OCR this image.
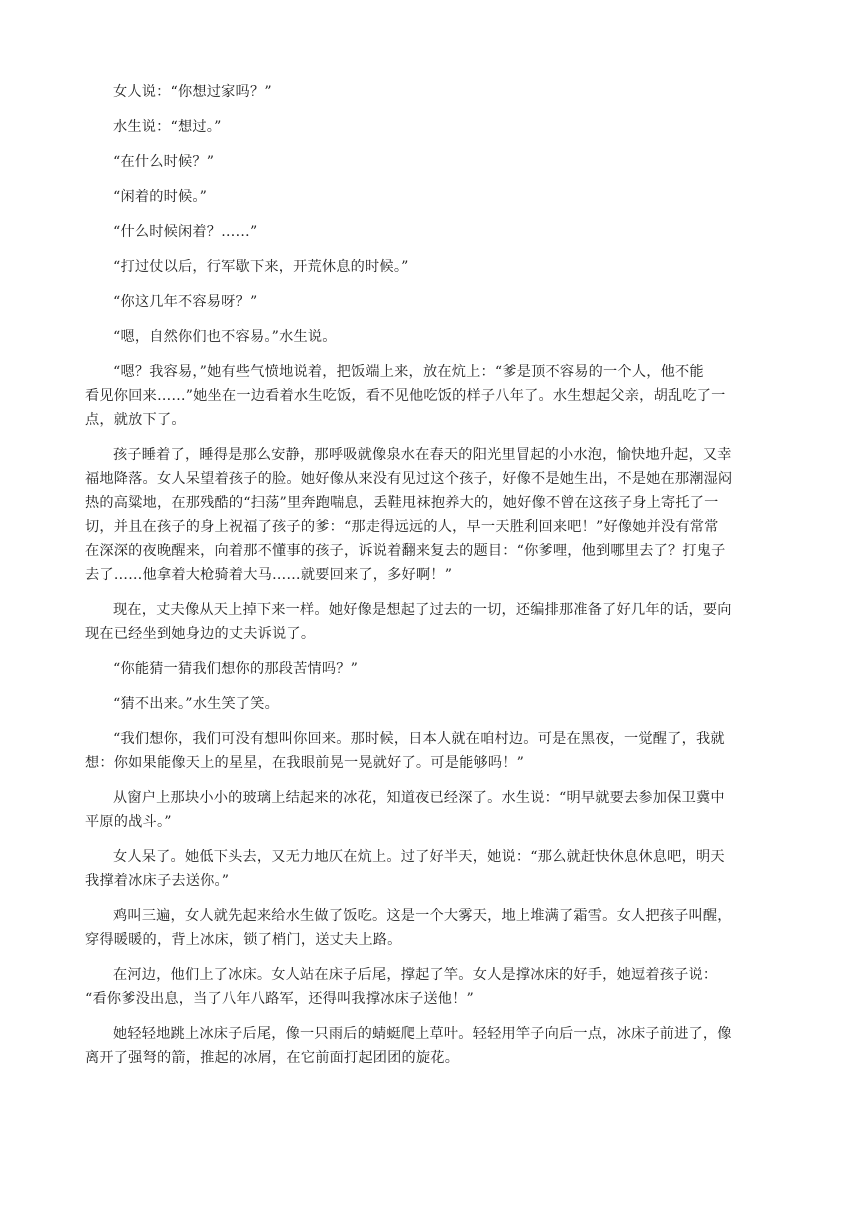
女人说：“你想过家吗？”
水生说：“想过。”
“在什么时候？”
“闲着的时候。”
“什么时候闲着？……”
“打过仗以后，行军歇下来，开荒休息的时候。”
“你这几年不容易呀？”
“嗯，自然你们也不容易。”水生说。
“嗯？我容易，”她有些气愤地说着，把饭端上来，放在炕上：“爹是顶不容易的一个人，他不能
看见你回来……”她坐在一边看着水生吃饭，看不见他吃饭的样子八年了。水生想起父亲，胡乱吃了一
点，就放下了。
孩子睡着了，睡得是那么安静，那呼吸就像泉水在春天的阳光里冒起的小水泡，愉快地升起，又幸
福地降落。女人呆望着孩子的脸。她好像从来没有见过这个孩子，好像不是她生出，不是她在那潮湿闷
热的高粱地，在那残酷的“扫荡”里奔跑喘息，丢鞋甩袜抱养大的，她好像不曾在这孩子身上寄托了一
切，并且在孩子的身上祝福了孩子的爹：“那走得远远的人，早一天胜利回来吧！”好像她并没有常常
在深深的夜晚醒来，向着那不懂事的孩子，诉说着翻来复去的题目：“你爹哩，他到哪里去了？打鬼子
去了……他拿着大枪骑着大马……就要回来了，多好啊！”
现在，丈夫像从天上掉下来一样。她好像是想起了过去的一切，还编排那准备了好几年的话，要向
现在已经坐到她身边的丈夫诉说了。
“你能猜一猜我们想你的那段苦情吗？”
“猜不出来。”水生笑了笑。
“我们想你，我们可没有想叫你回来。那时候，日本人就在咱村边。可是在黑夜，一觉醒了，我就
想：你如果能像天上的星星，在我眼前晃一晃就好了。可是能够吗！”
从窗户上那块小小的玻璃上结起来的冰花，知道夜已经深了。水生说：“明早就要去参加保卫冀中
平原的战斗。”
女人呆了。她低下头去，又无力地仄在炕上。过了好半天，她说：“那么就赶快休息休息吧，明天
我撑着冰床子去送你。”
鸡叫三遍，女人就先起来给水生做了饭吃。这是一个大雾天，地上堆满了霜雪。女人把孩子叫醒，
穿得暖暖的，背上冰床，锁了梢门，送丈夫上路。
在河边，他们上了冰床。女人站在床子后尾，撑起了竿。女人是撑冰床的好手，她逗着孩子说：
“看你爹没出息，当了八年八路军，还得叫我撑冰床子送他！”
她轻轻地跳上冰床子后尾，像一只雨后的蜻蜓爬上草叶。轻轻用竿子向后一点，冰床子前进了，像
离开了强弩的箭，推起的冰屑，在它前面打起团团的旋花。
